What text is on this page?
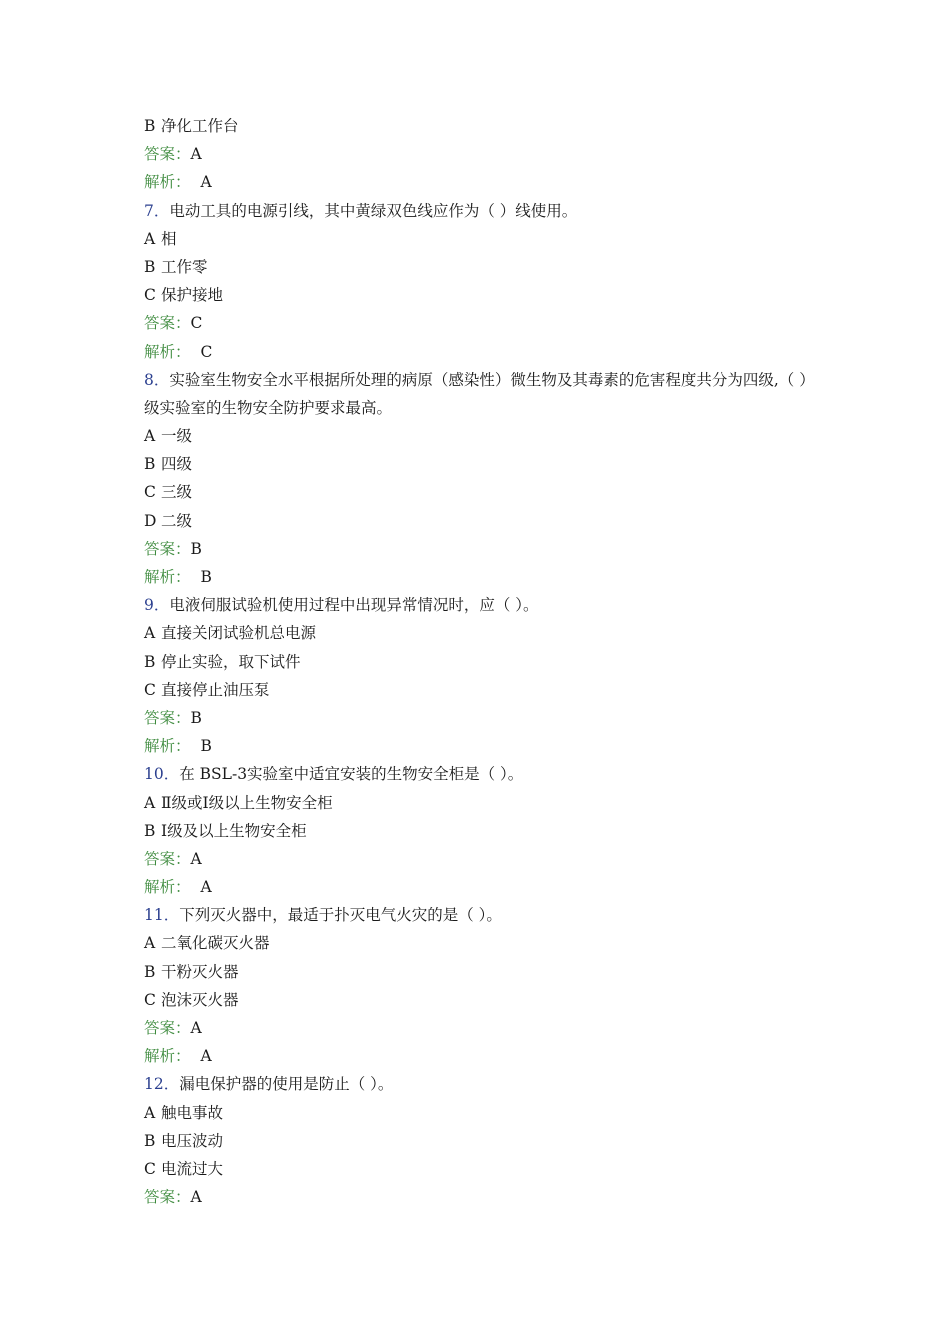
B 净化工作台
答案：A
解析： A
7．电动工具的电源引线，其中黄绿双色线应作为（ ）线使用。
A 相
B 工作零
C 保护接地
答案：C
解析： C
8．实验室生物安全水平根据所处理的病原（感染性）微生物及其毒素的危害程度共分为四级,（ ）级实验室的生物安全防护要求最高。
A 一级
B 四级
C 三级
D 二级
答案：B
解析： B
9．电液伺服试验机使用过程中出现异常情况时，应（ ）。
A 直接关闭试验机总电源
B 停止实验，取下试件
C 直接停止油压泵
答案：B
解析： B
10．在 BSL-3实验室中适宜安装的生物安全柜是（ ）。
A Ⅱ级或Ⅰ级以上生物安全柜
B Ⅰ级及以上生物安全柜
答案：A
解析： A
11．下列灭火器中，最适于扑灭电气火灾的是（ ）。
A 二氧化碳灭火器
B 干粉灭火器
C 泡沫灭火器
答案：A
解析： A
12．漏电保护器的使用是防止（ ）。
A 触电事故
B 电压波动
C 电流过大
答案：A
